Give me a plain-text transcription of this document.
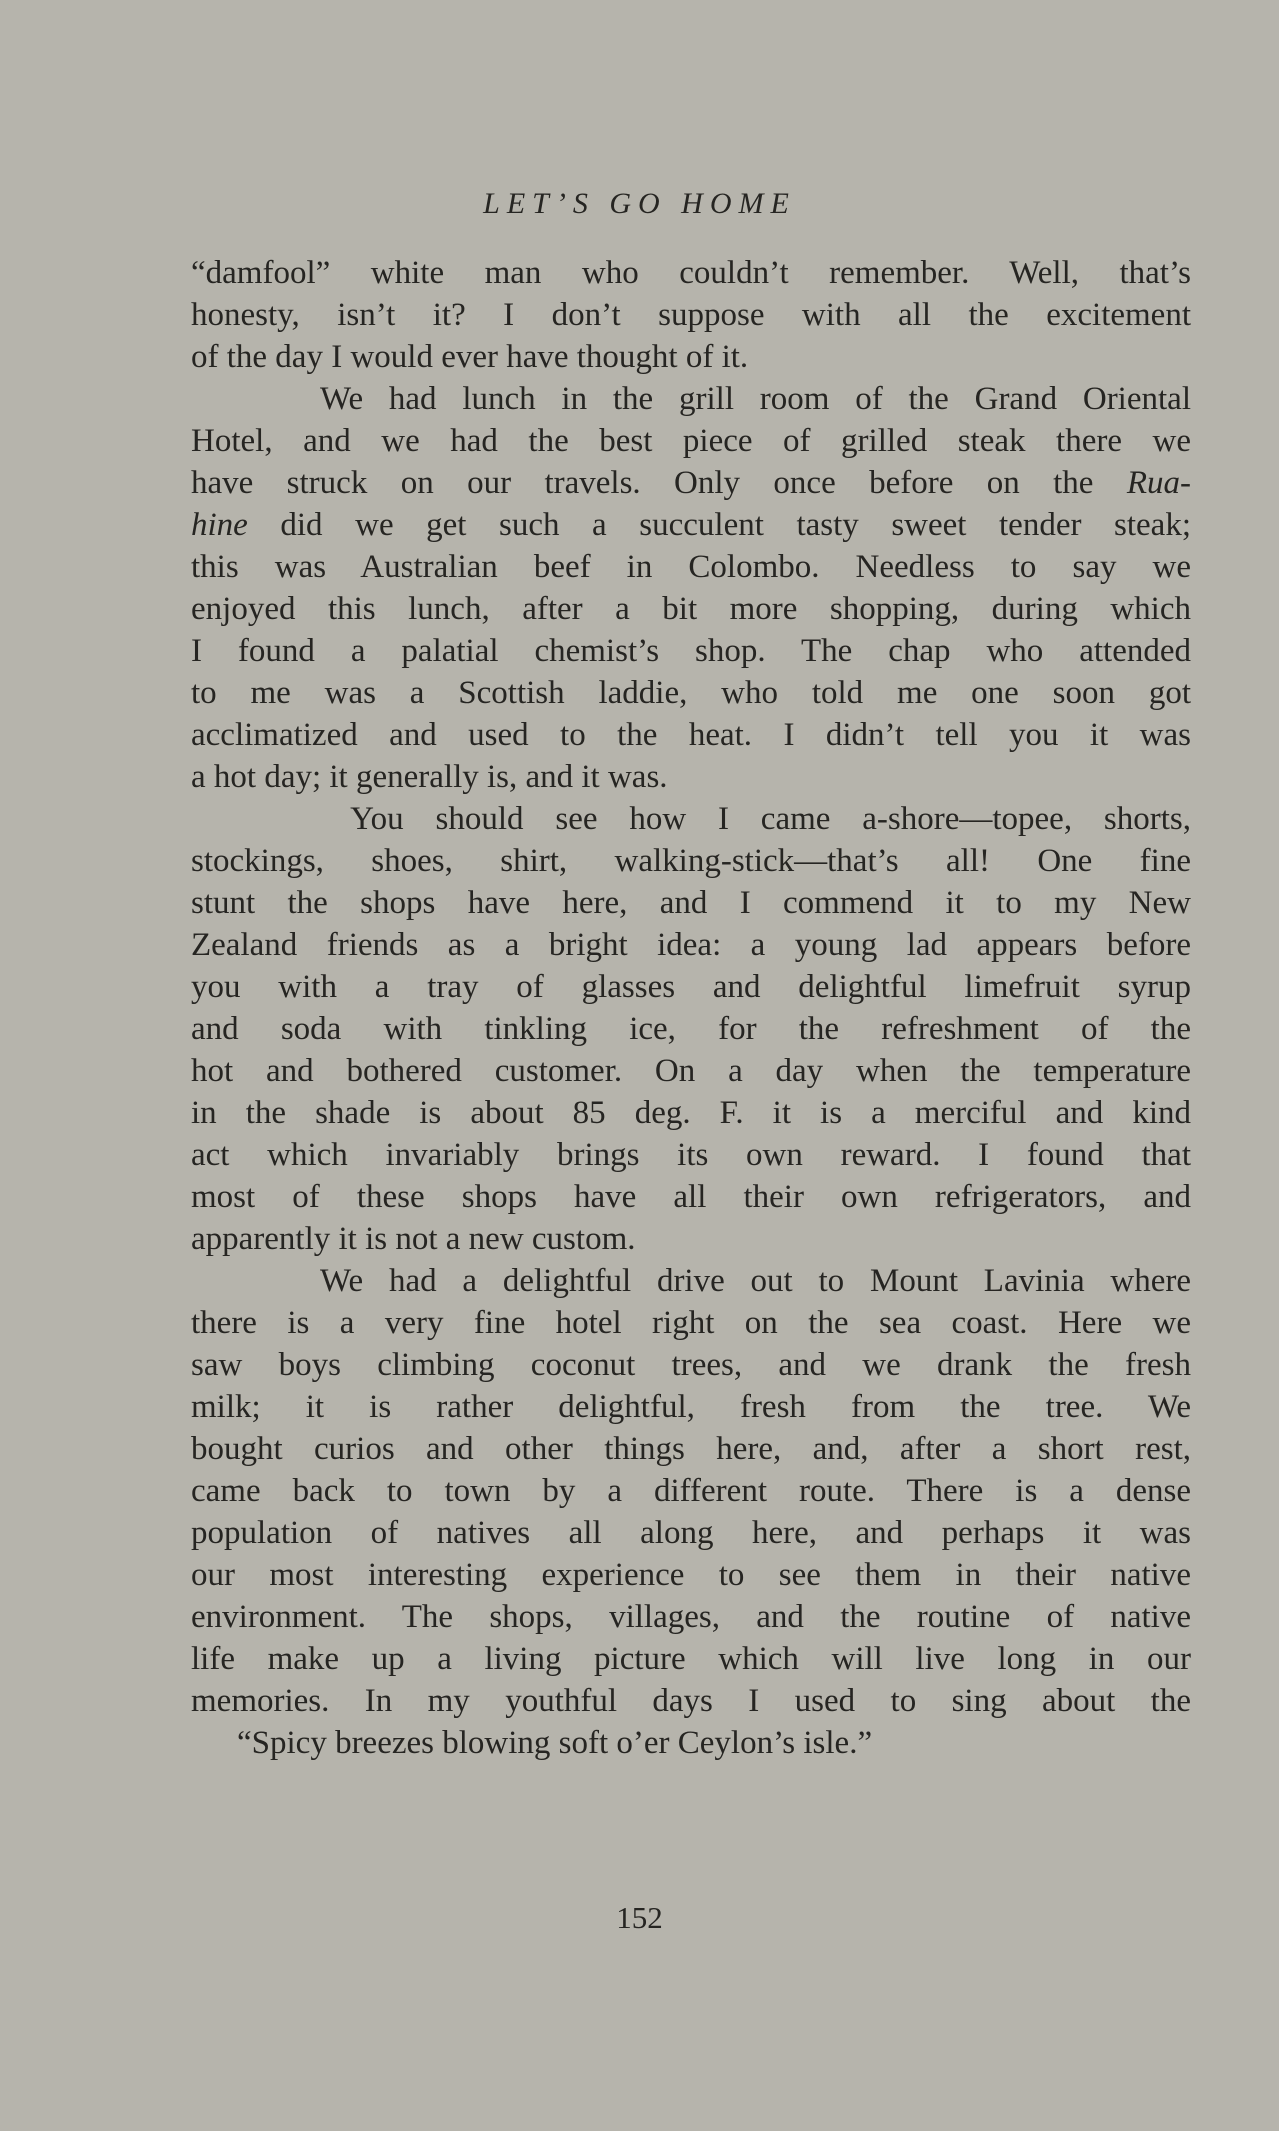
LET’S GO HOME
“damfool” white man who couldn’t remember. Well, that’s
honesty, isn’t it? I don’t suppose with all the excitement
of the day I would ever have thought of it.
We had lunch in the grill room of the Grand Oriental
Hotel, and we had the best piece of grilled steak there we
have struck on our travels. Only once before on the Rua-
hine did we get such a succulent tasty sweet tender steak;
this was Australian beef in Colombo. Needless to say we
enjoyed this lunch, after a bit more shopping, during which
I found a palatial chemist’s shop. The chap who attended
to me was a Scottish laddie, who told me one soon got
acclimatized and used to the heat. I didn’t tell you it was
a hot day; it generally is, and it was.
You should see how I came a-shore—topee, shorts,
stockings, shoes, shirt, walking-stick—that’s all! One fine
stunt the shops have here, and I commend it to my New
Zealand friends as a bright idea: a young lad appears before
you with a tray of glasses and delightful limefruit syrup
and soda with tinkling ice, for the refreshment of the
hot and bothered customer. On a day when the temperature
in the shade is about 85 deg. F. it is a merciful and kind
act which invariably brings its own reward. I found that
most of these shops have all their own refrigerators, and
apparently it is not a new custom.
We had a delightful drive out to Mount Lavinia where
there is a very fine hotel right on the sea coast. Here we
saw boys climbing coconut trees, and we drank the fresh
milk; it is rather delightful, fresh from the tree. We
bought curios and other things here, and, after a short rest,
came back to town by a different route. There is a dense
population of natives all along here, and perhaps it was
our most interesting experience to see them in their native
environment. The shops, villages, and the routine of native
life make up a living picture which will live long in our
memories. In my youthful days I used to sing about the
“Spicy breezes blowing soft o’er Ceylon’s isle.”
152
